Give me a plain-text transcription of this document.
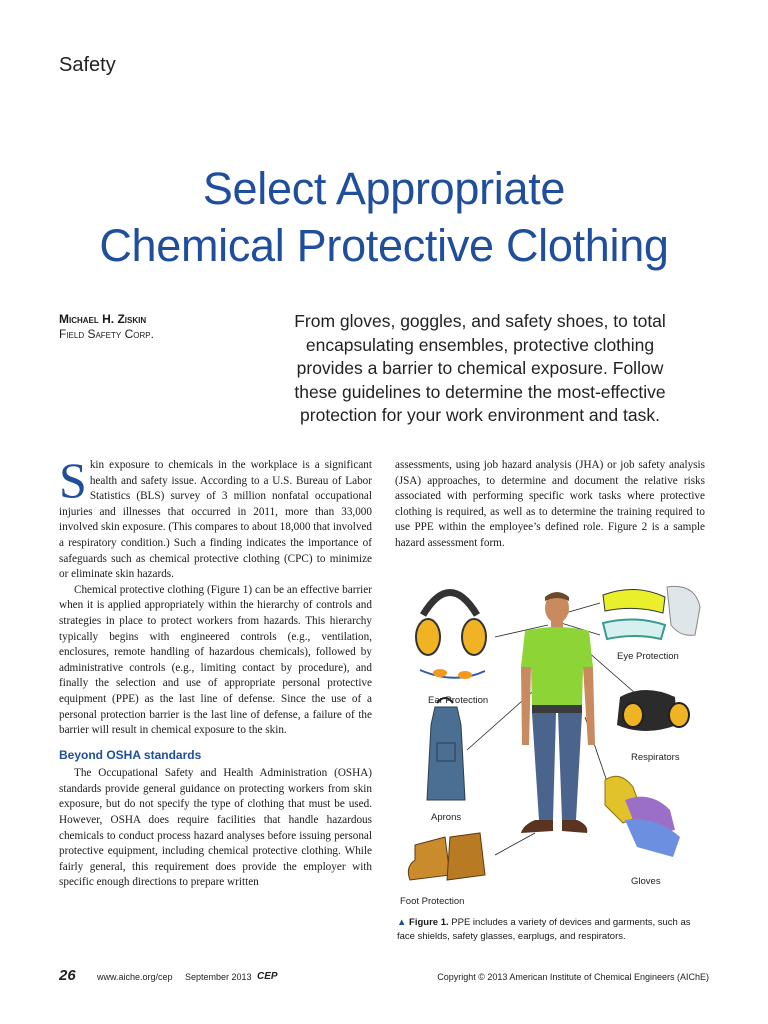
Safety
Select Appropriate
Chemical Protective Clothing
Michael H. Ziskin
Field Safety Corp.
From gloves, goggles, and safety shoes, to total encapsulating ensembles, protective clothing provides a barrier to chemical exposure. Follow these guidelines to determine the most-effective protection for your work environment and task.

Skin exposure to chemicals in the workplace is a significant health and safety issue. According to a U.S. Bureau of Labor Statistics (BLS) survey of 3 million nonfatal occupational injuries and illnesses that occurred in 2011, more than 33,000 involved skin exposure. (This compares to about 18,000 that involved a respiratory condition.) Such a finding indicates the importance of safeguards such as chemical protective clothing (CPC) to minimize or eliminate skin hazards.

Chemical protective clothing (Figure 1) can be an effective barrier when it is applied appropriately within the hierarchy of controls and strategies in place to protect workers from hazards. This hierarchy typically begins with engineered controls (e.g., ventilation, enclosures, remote handling of hazardous chemicals), followed by administrative controls (e.g., limiting contact by procedure), and finally the selection and use of appropriate personal protective equipment (PPE) as the last line of defense. Since the use of a personal protection barrier is the last line of defense, a failure of the barrier will result in chemical exposure to the skin.

Beyond OSHA standards

The Occupational Safety and Health Administration (OSHA) standards provide general guidance on protecting workers from skin exposure, but do not specify the type of clothing that must be used. However, OSHA does require facilities that handle hazardous chemicals to conduct process hazard analyses before issuing personal protective equipment, including chemical protective clothing. While fairly general, this requirement does provide the employer with specific enough directions to prepare written

assessments, using job hazard analysis (JHA) or job safety analysis (JSA) approaches, to determine and document the relative risks associated with performing specific work tasks where protective clothing is required, as well as to determine the training required to use PPE within the employee’s defined role. Figure 2 is a sample hazard assessment form.

Eye Protection
Ear Protection
Respirators
Aprons
Gloves
Foot Protection
▲ Figure 1. PPE includes a variety of devices and garments, such as face shields, safety glasses, earplugs, and respirators.
26 www.aiche.org/cep September 2013 CEP	Copyright © 2013 American Institute of Chemical Engineers (AIChE)
